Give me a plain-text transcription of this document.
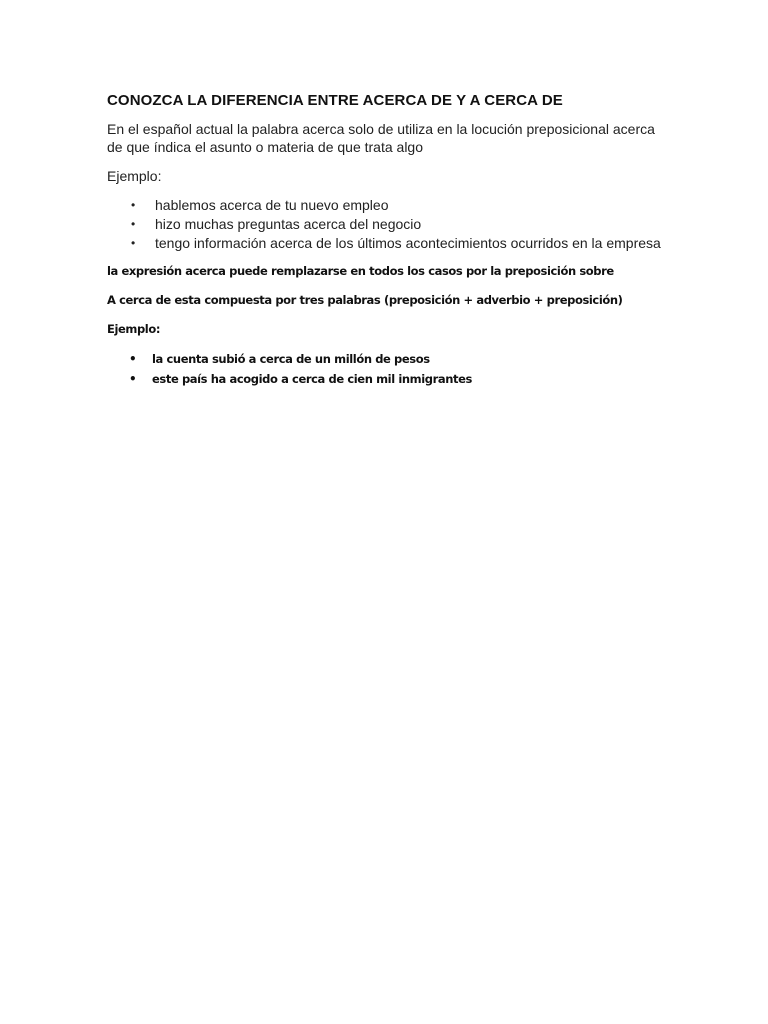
CONOZCA LA DIFERENCIA ENTRE ACERCA DE Y A CERCA DE
En el español actual la palabra acerca solo de utiliza en la locución preposicional acerca
de que índica el asunto o materia de que trata algo
Ejemplo:
• hablemos acerca de tu nuevo empleo
• hizo muchas preguntas acerca del negocio
• tengo información acerca de los últimos acontecimientos ocurridos en la empresa
la expresión acerca puede remplazarse en todos los casos por la preposición sobre
A cerca de esta compuesta por tres palabras (preposición + adverbio + preposición)
Ejemplo:
• la cuenta subió a cerca de un millón de pesos
• este país ha acogido a cerca de cien mil inmigrantes
